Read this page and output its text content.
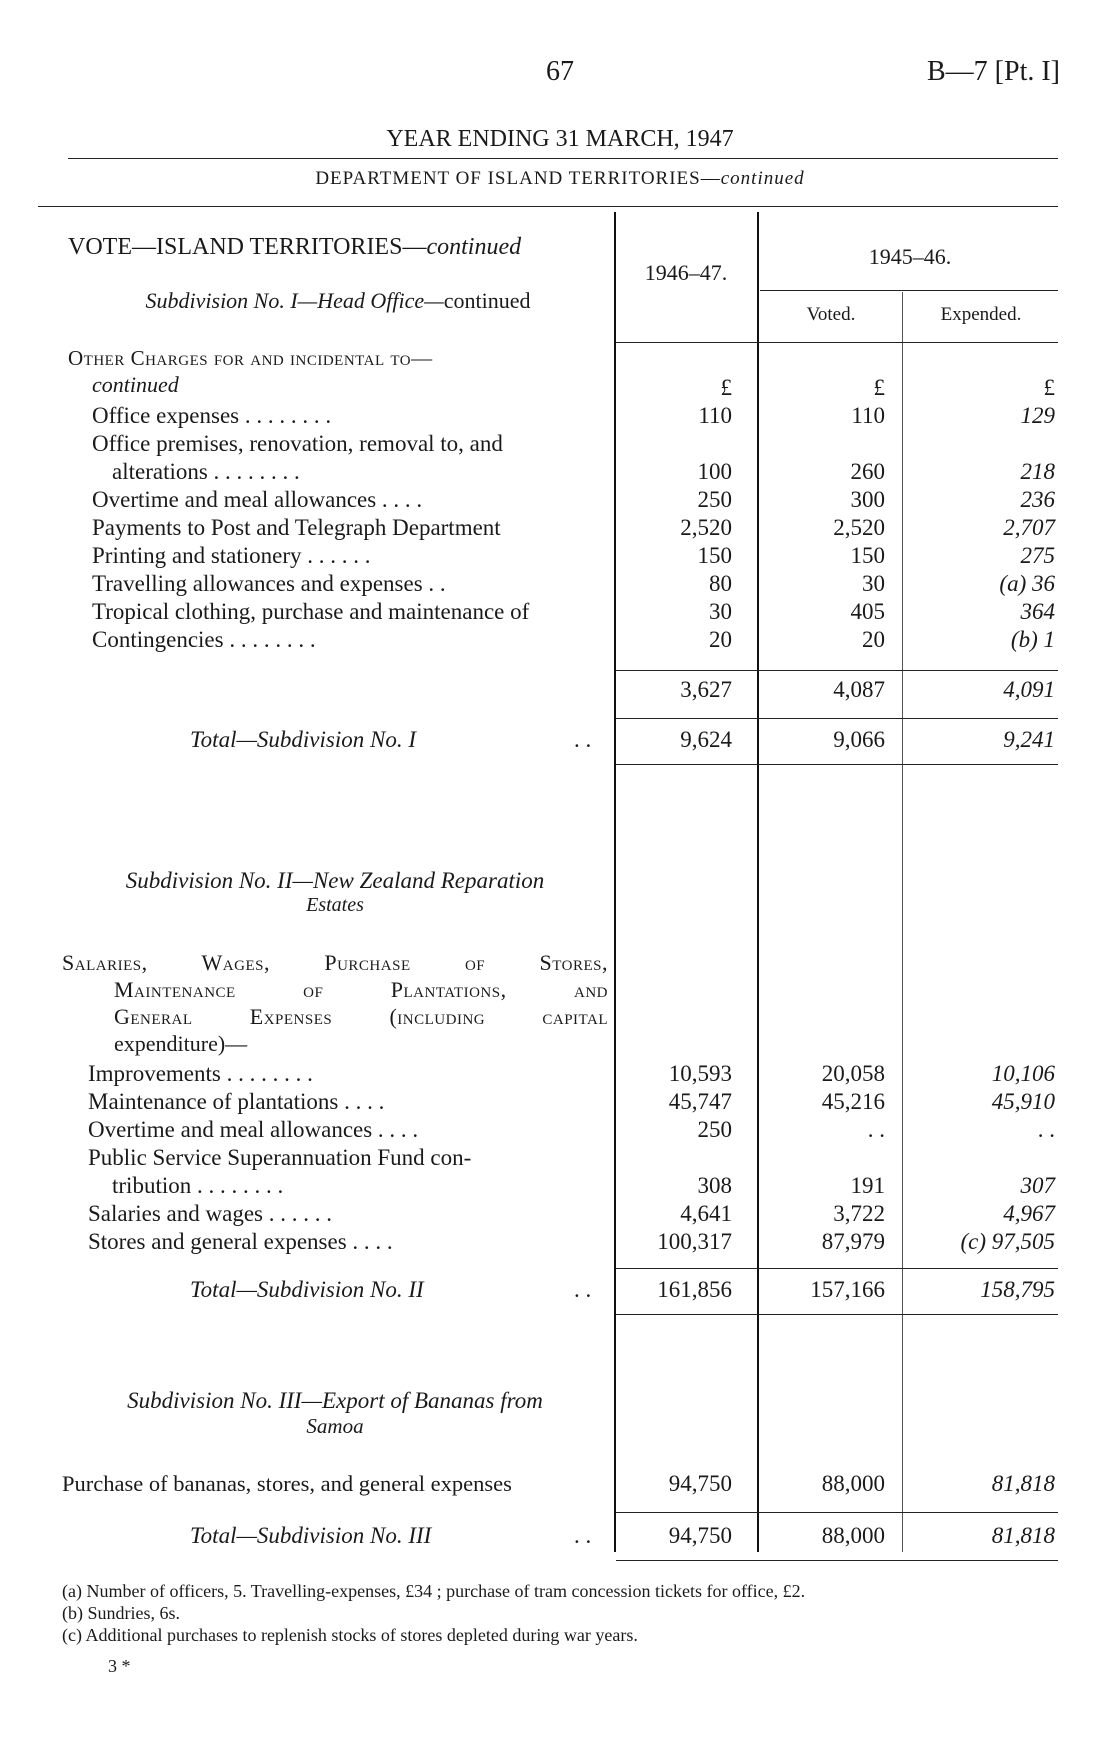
67	B—7 [Pt. I]
YEAR ENDING 31 MARCH, 1947
DEPARTMENT OF ISLAND TERRITORIES—continued
1946–47.
1945–46.
Voted.	Expended.
VOTE—ISLAND TERRITORIES—continued
Subdivision No. I—Head Office—continued
Other Charges for and incidental to—
continued	£	£	£
Office expenses . . . . . . . .	110	110	129
Office premises, renovation, removal to, and
alterations . . . . . . . .	100	260	218
Overtime and meal allowances . . . .	250	300	236
Payments to Post and Telegraph Department	2,520	2,520	2,707
Printing and stationery . . . . . .	150	150	275
Travelling allowances and expenses . .	80	30	(a) 36
Tropical clothing, purchase and maintenance of	30	405	364
Contingencies . . . . . . . .	20	20	(b) 1
3,627	4,087	4,091
Total—Subdivision No. I	. .	9,624	9,066	9,241
Subdivision No. II—New Zealand Reparation
Estates
Salaries, Wages, Purchase of Stores,
Maintenance of Plantations, and
General Expenses (including capital
expenditure)—
Improvements . . . . . . . .	10,593	20,058	10,106
Maintenance of plantations . . . .	45,747	45,216	45,910
Overtime and meal allowances . . . .	250	. .	. .
Public Service Superannuation Fund con-
tribution . . . . . . . .	308	191	307
Salaries and wages . . . . . .	4,641	3,722	4,967
Stores and general expenses . . . .	100,317	87,979	(c) 97,505
Total—Subdivision No. II	. .	161,856	157,166	158,795
Subdivision No. III—Export of Bananas from
Samoa
Purchase of bananas, stores, and general expenses	94,750	88,000	81,818
Total—Subdivision No. III	. .	94,750	88,000	81,818
(a) Number of officers, 5. Travelling-expenses, £34 ; purchase of tram concession tickets for office, £2.
(b) Sundries, 6s.
(c) Additional purchases to replenish stocks of stores depleted during war years.
3 *
